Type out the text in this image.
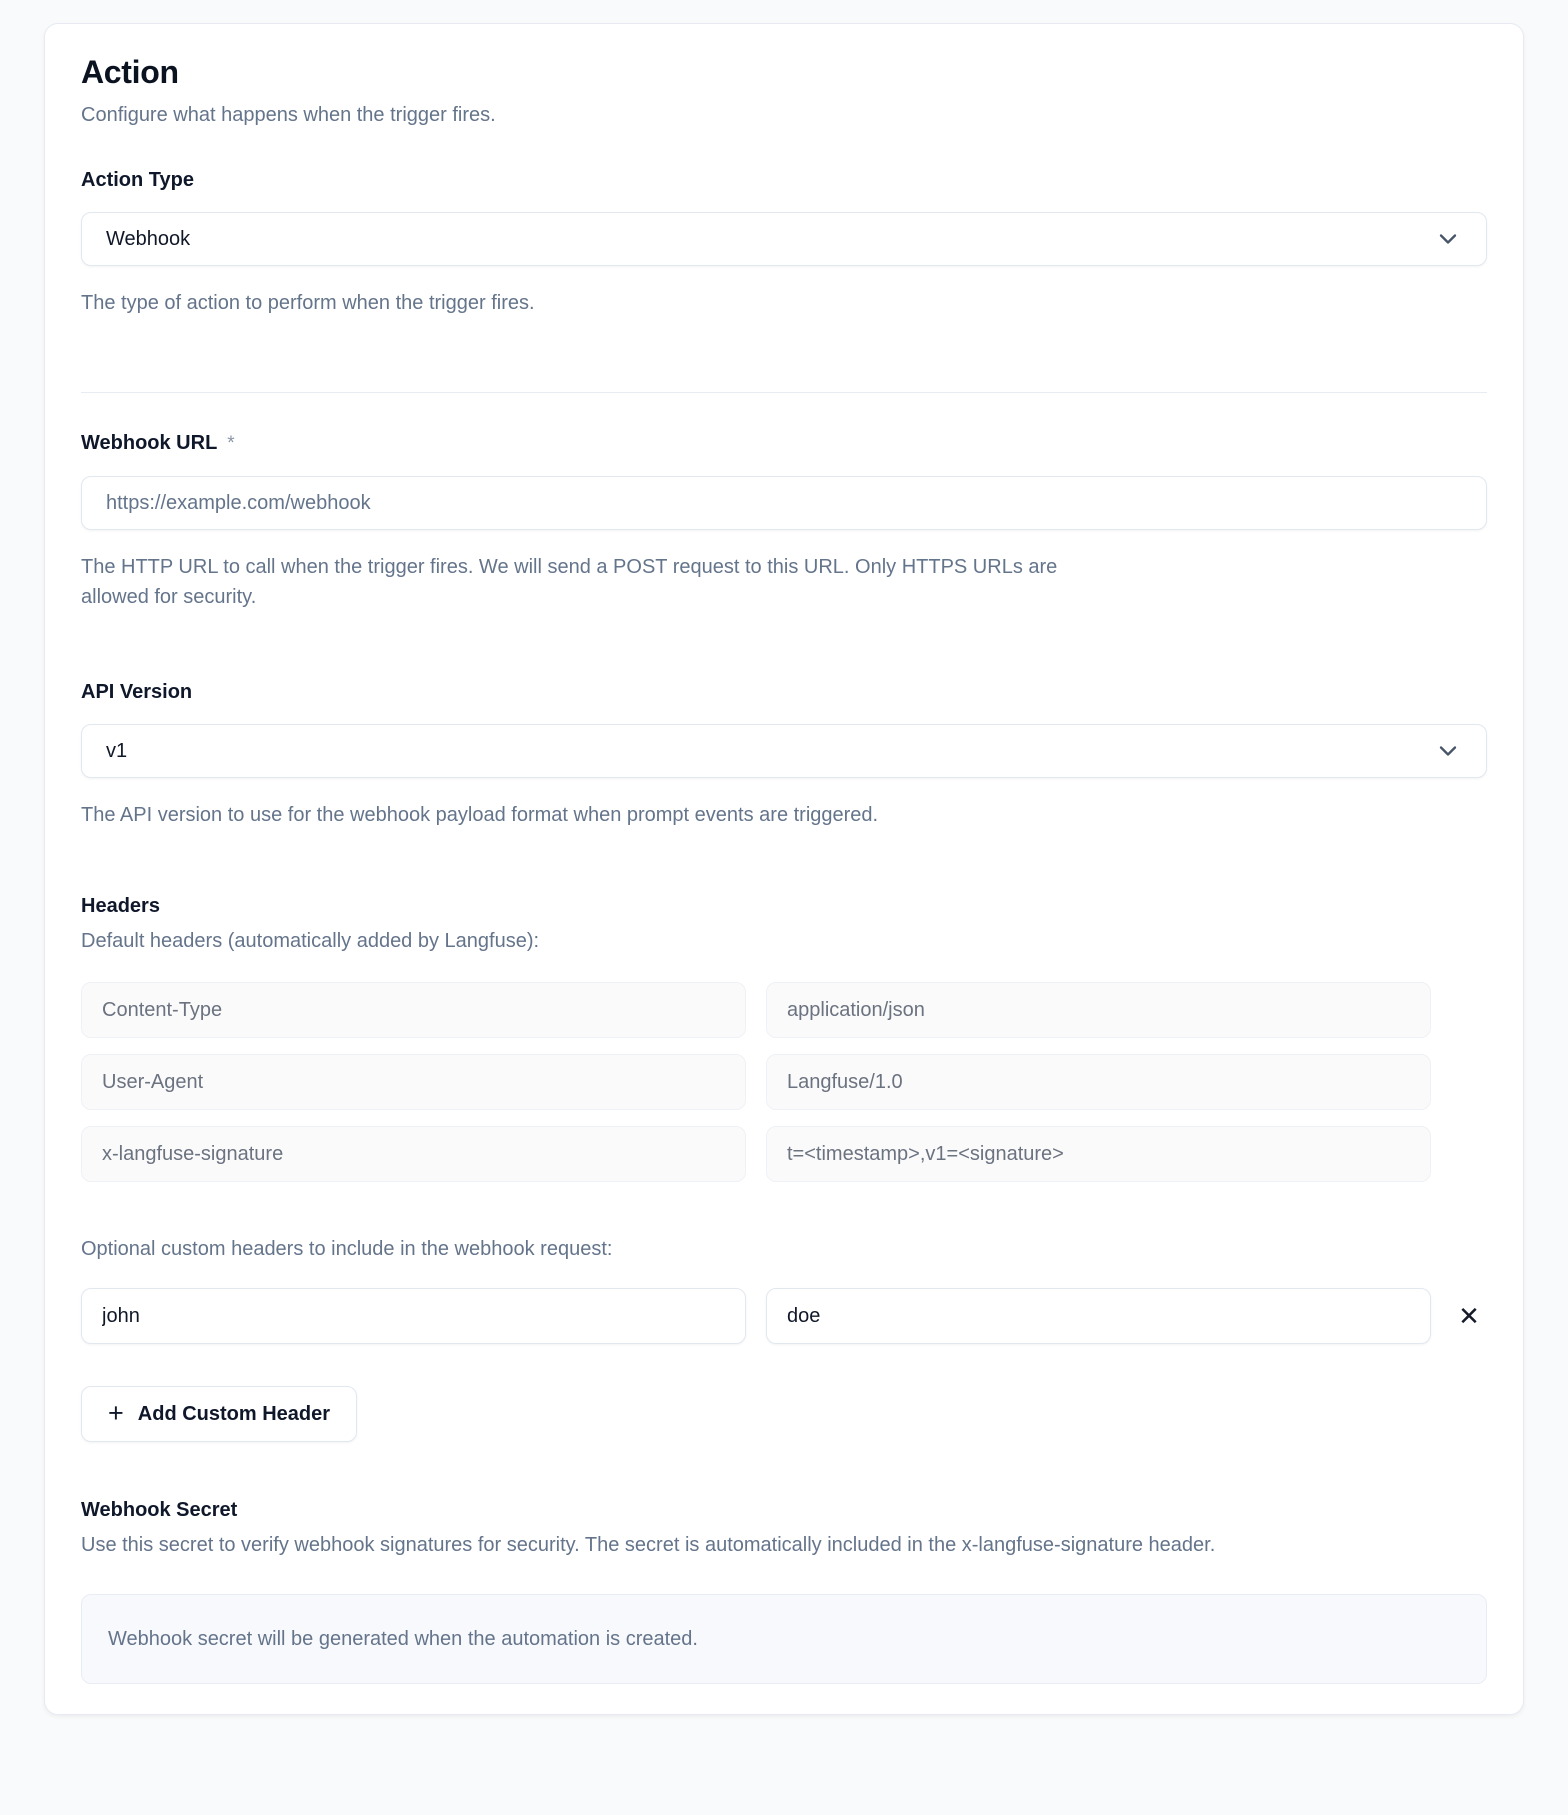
Action

Configure what happens when the trigger fires.

Action Type
Webhook

The type of action to perform when the trigger fires.

Webhook URL *
https://example.com/webhook

The HTTP URL to call when the trigger fires. We will send a POST request to this URL. Only HTTPS URLs are allowed for security.

API Version
v1

The API version to use for the webhook payload format when prompt events are triggered.

Headers

Default headers (automatically added by Langfuse):

Content-Type
application/json
User-Agent
Langfuse/1.0
x-langfuse-signature
t=<timestamp>,v1=<signature>

Optional custom headers to include in the webhook request:

john
doe
✕
+ Add Custom Header
Webhook Secret

Use this secret to verify webhook signatures for security. The secret is automatically included in the x-langfuse-signature header.

Webhook secret will be generated when the automation is created.
